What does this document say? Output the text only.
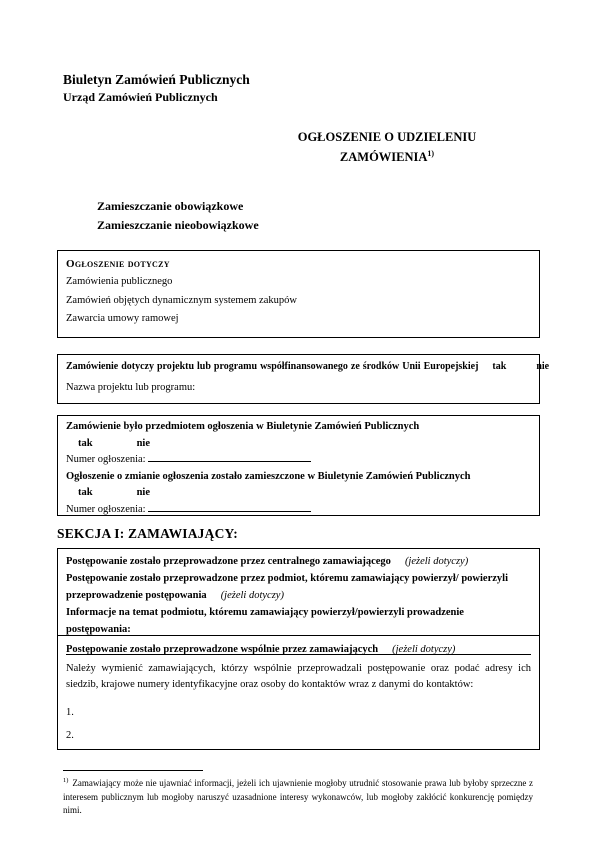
Biuletyn Zamówień Publicznych
Urząd Zamówień Publicznych
OGŁOSZENIE O UDZIELENIU
ZAMÓWIENIA$^{1)}$
Zamieszczanie obowiązkowe
Zamieszczanie nieobowiązkowe
Ogłoszenie dotyczy
Zamówienia publicznego
Zamówień objętych dynamicznym systemem zakupów
Zawarcia umowy ramowej
Zamówienie dotyczy projektu lub programu współfinansowanego ze środków Unii Europejskiej tak	nie
Nazwa projektu lub programu:
Zamówienie było przedmiotem ogłoszenia w Biuletynie Zamówień Publicznych
tak	nie
Numer ogłoszenia:
Ogłoszenie o zmianie ogłoszenia zostało zamieszczone w Biuletynie Zamówień Publicznych
tak	nie
Numer ogłoszenia:
SEKCJA I: ZAMAWIAJĄCY:
Postępowanie zostało przeprowadzone przez centralnego zamawiającego (jeżeli dotyczy)
Postępowanie zostało przeprowadzone przez podmiot, któremu zamawiający powierzył/ powierzyli
przeprowadzenie postępowania (jeżeli dotyczy)
Informacje na temat podmiotu, któremu zamawiający powierzył/powierzyli prowadzenie postępowania:
Postępowanie zostało przeprowadzone wspólnie przez zamawiających (jeżeli dotyczy)
Należy wymienić zamawiających, którzy wspólnie przeprowadzali postępowanie oraz podać adresy ich siedzib, krajowe numery identyfikacyjne oraz osoby do kontaktów wraz z danymi do kontaktów:
1.
2.
$^{1)}$ Zamawiający może nie ujawniać informacji, jeżeli ich ujawnienie mogłoby utrudnić stosowanie prawa lub byłoby sprzeczne z interesem publicznym lub mogłoby naruszyć uzasadnione interesy wykonawców, lub mogłoby zakłócić konkurencję pomiędzy nimi.
